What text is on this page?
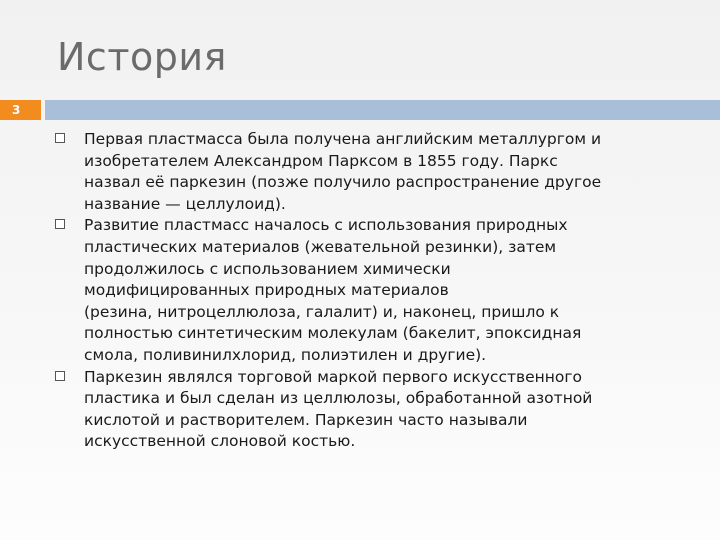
История
3
Первая пластмасса была получена английским металлургом и
изобретателем Александром Парксом в 1855 году. Паркс
назвал её паркезин (позже получило распространение другое
название — целлулоид).
Развитие пластмасс началось с использования природных
пластических материалов (жевательной резинки), затем
продолжилось с использованием химически
модифицированных природных материалов
(резина, нитроцеллюлоза, галалит) и, наконец, пришло к
полностью синтетическим молекулам (бакелит, эпоксидная
смола, поливинилхлорид, полиэтилен и другие).
Паркезин являлся торговой маркой первого искусственного
пластика и был сделан из целлюлозы, обработанной азотной
кислотой и растворителем. Паркезин часто называли
искусственной слоновой костью.
